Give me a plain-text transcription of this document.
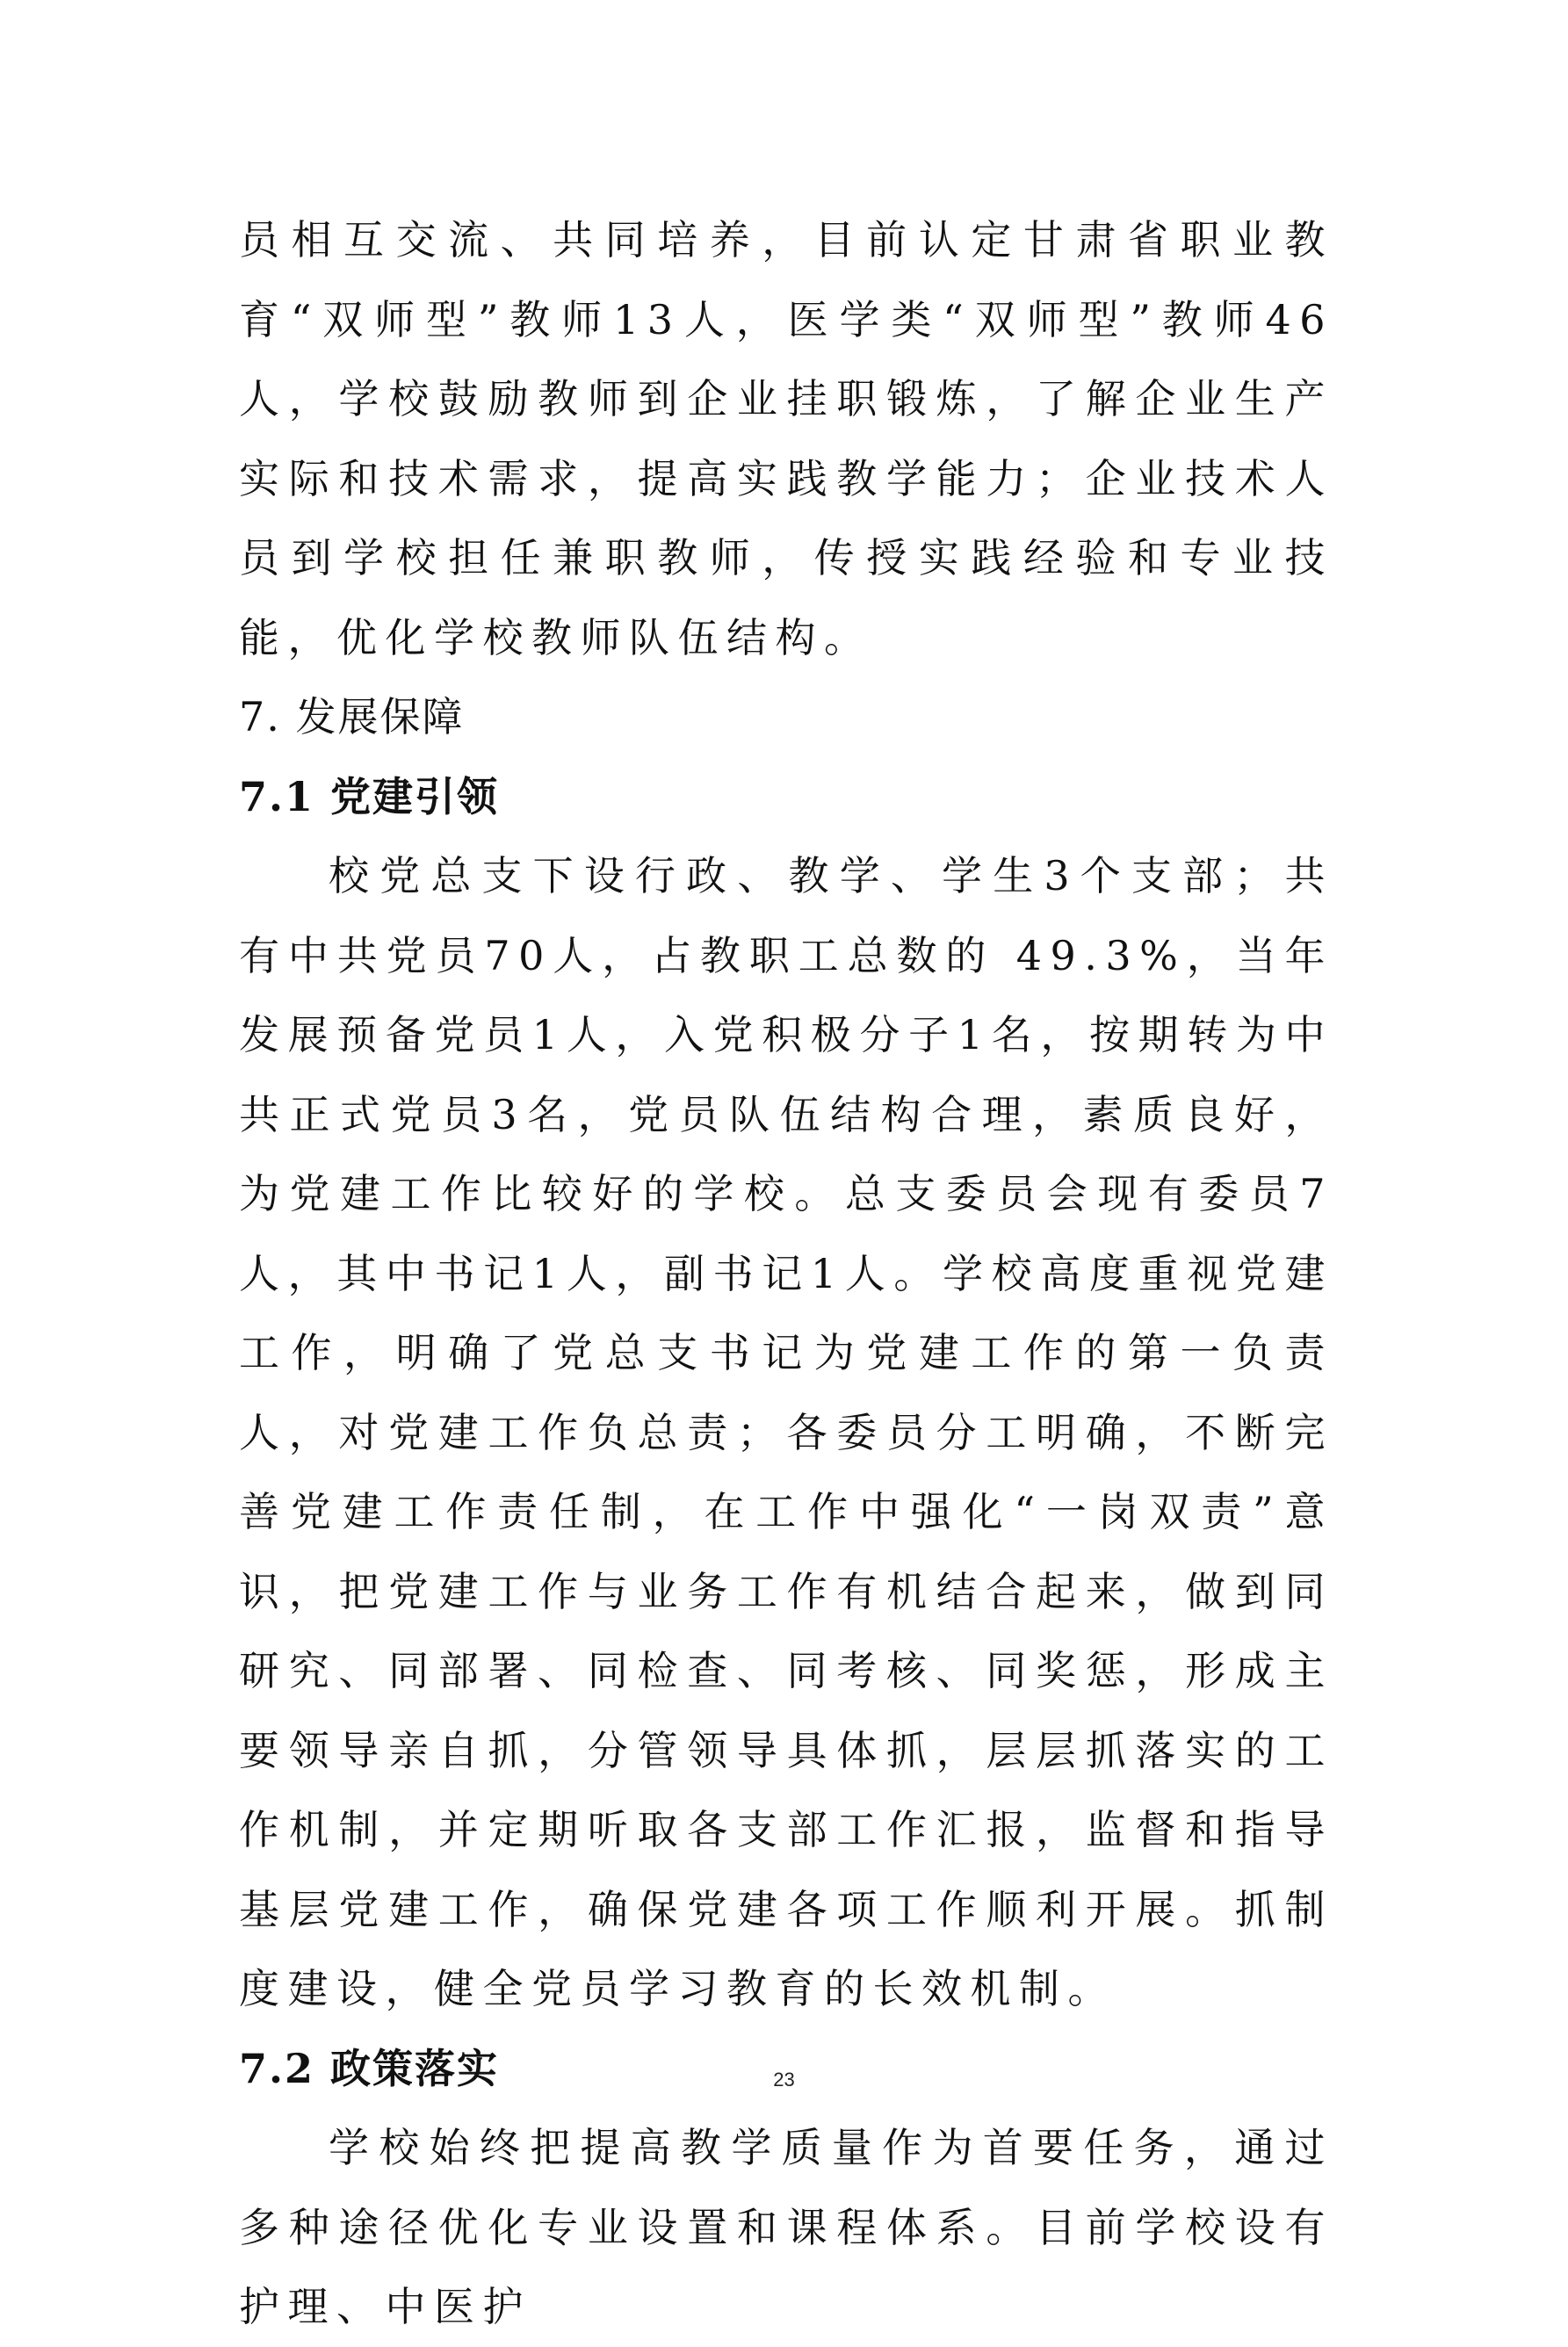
员相互交流、共同培养，目前认定甘肃省职业教育“双师型”教师13人，医学类“双师型”教师46人，学校鼓励教师到企业挂职锻炼，了解企业生产实际和技术需求，提高实践教学能力；企业技术人员到学校担任兼职教师，传授实践经验和专业技能，优化学校教师队伍结构。

7. 发展保障

7.1 党建引领

校党总支下设行政、教学、学生3个支部；共有中共党员70人，占教职工总数的 49.3%，当年发展预备党员1人，入党积极分子1名，按期转为中共正式党员3名，党员队伍结构合理，素质良好，为党建工作比较好的学校。总支委员会现有委员7人，其中书记1人，副书记1人。学校高度重视党建工作，明确了党总支书记为党建工作的第一负责人，对党建工作负总责；各委员分工明确，不断完善党建工作责任制，在工作中强化“一岗双责”意识，把党建工作与业务工作有机结合起来，做到同研究、同部署、同检查、同考核、同奖惩，形成主要领导亲自抓，分管领导具体抓，层层抓落实的工作机制，并定期听取各支部工作汇报，监督和指导基层党建工作，确保党建各项工作顺利开展。抓制度建设，健全党员学习教育的长效机制。

7.2 政策落实

学校始终把提高教学质量作为首要任务，通过多种途径优化专业设置和课程体系。目前学校设有护理、中医护

23
